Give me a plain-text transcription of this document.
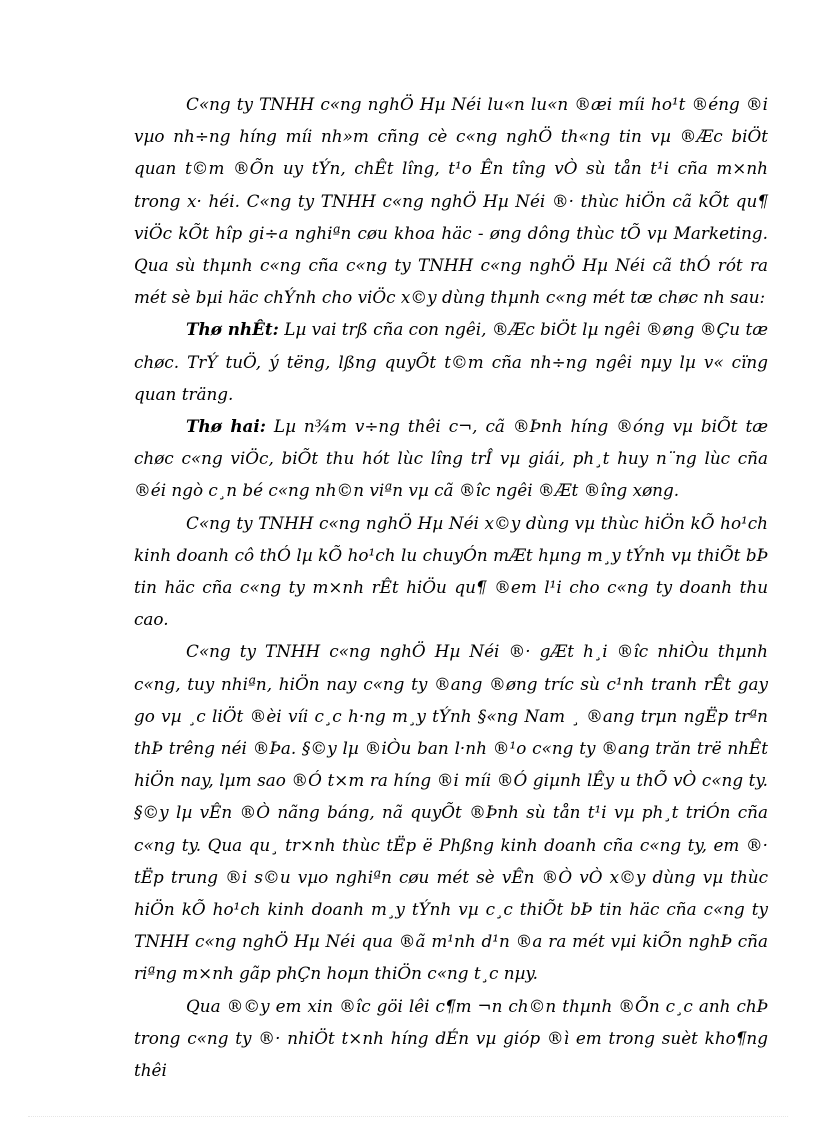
C«ng ty TNHH c«ng nghÖ Hµ Néi lu«n lu«n ®æi míi ho¹t ®éng ®i vµo nh÷ng híng míi nh»m cñng cè c«ng nghÖ th«ng tin vµ ®Æc biÖt quan t©m ®Õn uy tÝn, chÊt lîng, t¹o Ên tîng vÒ sù tån t¹i cña m×nh trong x· héi. C«ng ty TNHH c«ng nghÖ Hµ Néi ®· thùc hiÖn cã kÕt qu¶ viÖc kÕt hîp gi÷a nghiªn cøu khoa häc - øng dông thùc tÕ vµ Marketing. Qua sù thµnh c«ng cña c«ng ty TNHH c«ng nghÖ Hµ Néi cã thÓ rót ra mét sè bµi häc chÝnh cho viÖc x©y dùng thµnh c«ng mét tæ chøc nh sau:

Thø nhÊt: Lµ vai trß cña con ngêi, ®Æc biÖt lµ ngêi ®øng ®Çu tæ chøc. TrÝ tuÖ, ý tëng, lßng quyÕt t©m cña nh÷ng ngêi nµy lµ v« cïng quan träng.

Thø hai: Lµ n¾m v÷ng thêi c¬, cã ®Þnh híng ®óng vµ biÕt tæ chøc c«ng viÖc, biÕt thu hót lùc lîng trÎ vµ giái, ph¸t huy n¨ng lùc cña ®éi ngò c¸n bé c«ng nh©n viªn vµ cã ®îc ngêi ®Æt ®îng xøng.

C«ng ty TNHH c«ng nghÖ Hµ Néi x©y dùng vµ thùc hiÖn kÕ ho¹ch kinh doanh cô thÓ lµ kÕ ho¹ch lu chuyÓn mÆt hµng m¸y tÝnh vµ thiÕt bÞ tin häc cña c«ng ty m×nh rÊt hiÖu qu¶ ®em l¹i cho c«ng ty doanh thu cao.

C«ng ty TNHH c«ng nghÖ Hµ Néi ®· gÆt h¸i ®îc nhiÒu thµnh c«ng, tuy nhiªn, hiÖn nay c«ng ty ®ang ®øng tríc sù c¹nh tranh rÊt gay go vµ ¸c liÖt ®èi víi c¸c h·ng m¸y tÝnh §«ng Nam ¸ ®ang trµn ngËp trªn thÞ trêng néi ®Þa. §©y lµ ®iÒu ban l·nh ®¹o c«ng ty ®ang trăn trë nhÊt hiÖn nay, lµm sao ®Ó t×m ra híng ®i míi ®Ó giµnh lÊy u thÕ vÒ c«ng ty. §©y lµ vÊn ®Ò nãng báng, nã quyÕt ®Þnh sù tån t¹i vµ ph¸t triÓn cña c«ng ty. Qua qu¸ tr×nh thùc tËp ë Phßng kinh doanh cña c«ng ty, em ®· tËp trung ®i s©u vµo nghiªn cøu mét sè vÊn ®Ò vÒ x©y dùng vµ thùc hiÖn kÕ ho¹ch kinh doanh m¸y tÝnh vµ c¸c thiÕt bÞ tin häc cña c«ng ty TNHH c«ng nghÖ Hµ Néi qua ®ã m¹nh d¹n ®a ra mét vµi kiÕn nghÞ cña riªng m×nh gãp phÇn hoµn thiÖn c«ng t¸c nµy.

Qua ®©y em xin ®îc göi lêi c¶m ¬n ch©n thµnh ®Õn c¸c anh chÞ trong c«ng ty ®· nhiÖt t×nh híng dÉn vµ gióp ®ì em trong suèt kho¶ng thêi
